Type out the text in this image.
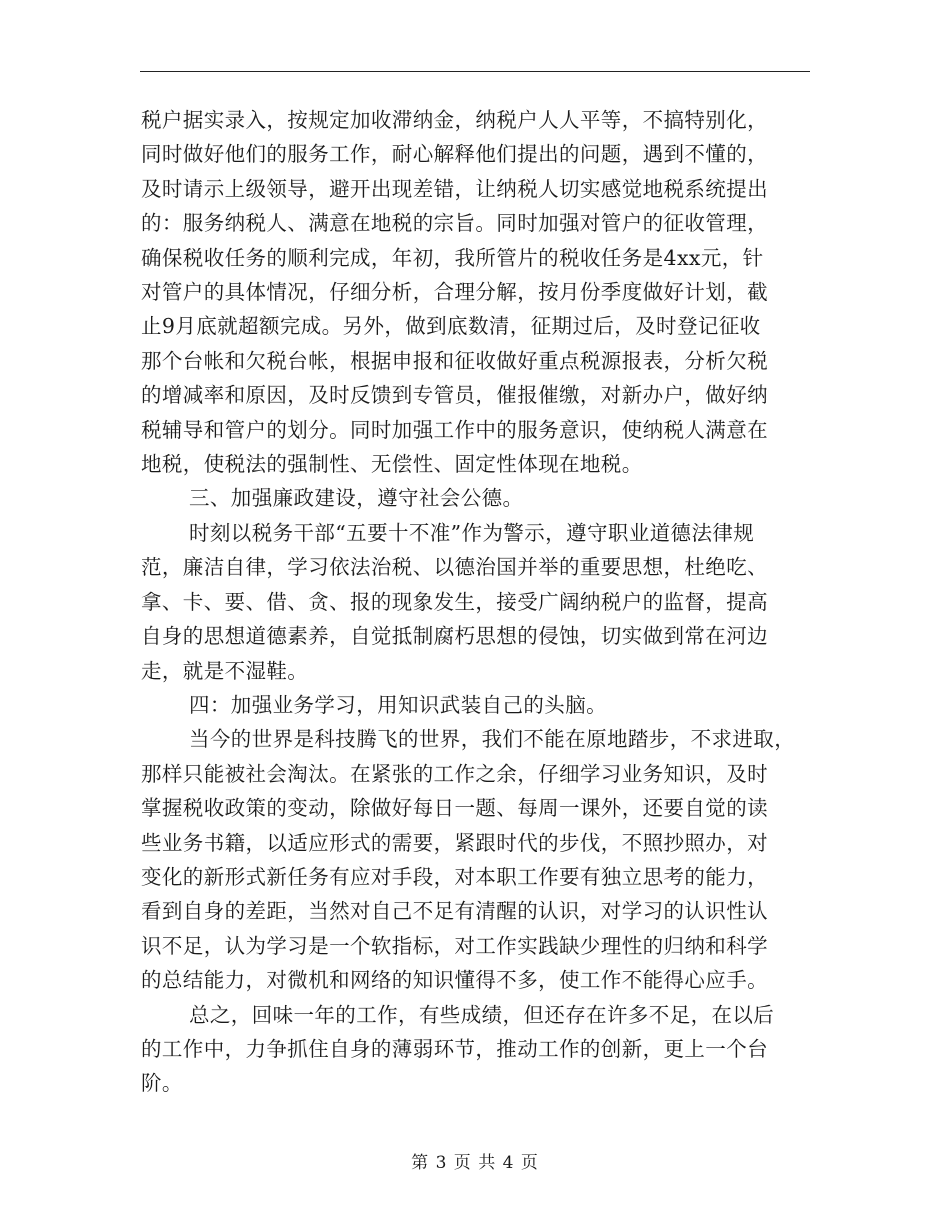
税户据实录入，按规定加收滞纳金，纳税户人人平等，不搞特别化，
同时做好他们的服务工作，耐心解释他们提出的问题，遇到不懂的，
及时请示上级领导，避开出现差错，让纳税人切实感觉地税系统提出
的：服务纳税人、满意在地税的宗旨。同时加强对管户的征收管理，
确保税收任务的顺利完成，年初，我所管片的税收任务是4xx元，针
对管户的具体情况，仔细分析，合理分解，按月份季度做好计划，截
止9月底就超额完成。另外，做到底数清，征期过后，及时登记征收
那个台帐和欠税台帐，根据申报和征收做好重点税源报表，分析欠税
的增减率和原因，及时反馈到专管员，催报催缴，对新办户，做好纳
税辅导和管户的划分。同时加强工作中的服务意识，使纳税人满意在
地税，使税法的强制性、无偿性、固定性体现在地税。
三、加强廉政建设，遵守社会公德。
时刻以税务干部“五要十不准”作为警示，遵守职业道德法律规
范，廉洁自律，学习依法治税、以德治国并举的重要思想，杜绝吃、
拿、卡、要、借、贪、报的现象发生，接受广阔纳税户的监督，提高
自身的思想道德素养，自觉抵制腐朽思想的侵蚀，切实做到常在河边
走，就是不湿鞋。
四：加强业务学习，用知识武装自己的头脑。
当今的世界是科技腾飞的世界，我们不能在原地踏步，不求进取，
那样只能被社会淘汰。在紧张的工作之余，仔细学习业务知识，及时
掌握税收政策的变动，除做好每日一题、每周一课外，还要自觉的读
些业务书籍，以适应形式的需要，紧跟时代的步伐，不照抄照办，对
变化的新形式新任务有应对手段，对本职工作要有独立思考的能力，
看到自身的差距，当然对自己不足有清醒的认识，对学习的认识性认
识不足，认为学习是一个软指标，对工作实践缺少理性的归纳和科学
的总结能力，对微机和网络的知识懂得不多，使工作不能得心应手。
总之，回味一年的工作，有些成绩，但还存在许多不足，在以后
的工作中，力争抓住自身的薄弱环节，推动工作的创新，更上一个台
阶。
第 3 页 共 4 页
